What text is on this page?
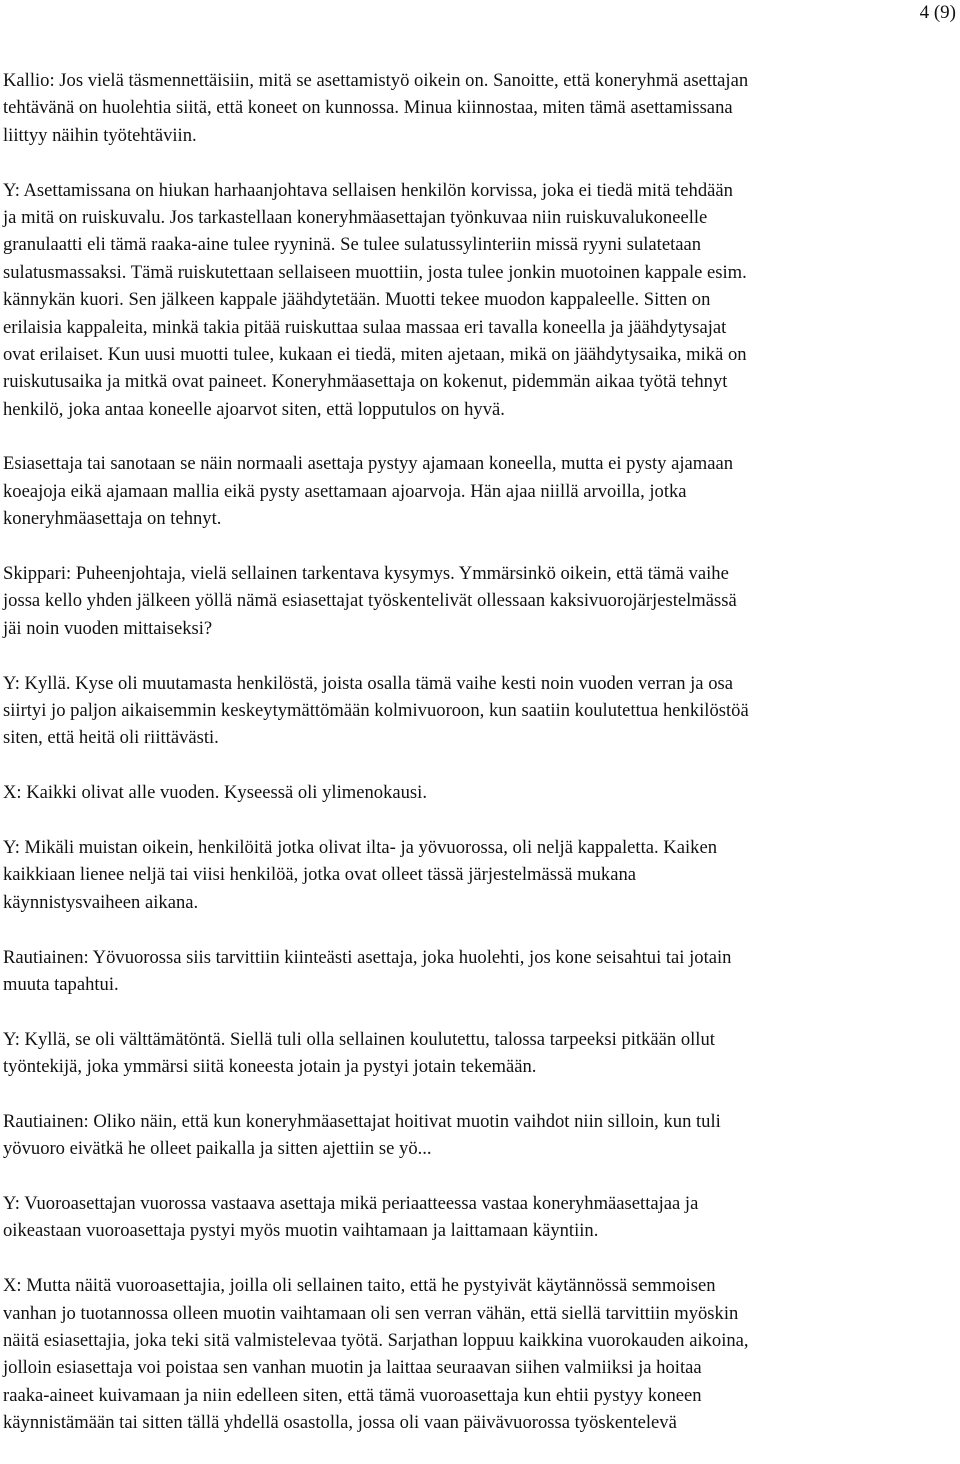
4 (9)
Kallio: Jos vielä täsmennettäisiin, mitä se asettamistyö oikein on. Sanoitte, että koneryhmä asettajan
tehtävänä on huolehtia siitä, että koneet on kunnossa. Minua kiinnostaa, miten tämä asettamissana
liittyy näihin työtehtäviin.
Y: Asettamissana on hiukan harhaanjohtava sellaisen henkilön korvissa, joka ei tiedä mitä tehdään
ja mitä on ruiskuvalu. Jos tarkastellaan koneryhmäasettajan työnkuvaa niin ruiskuvalukoneelle
granulaatti eli tämä raaka-aine tulee ryyninä. Se tulee sulatussylinteriin missä ryyni sulatetaan
sulatusmassaksi. Tämä ruiskutettaan sellaiseen muottiin, josta tulee jonkin muotoinen kappale esim.
kännykän kuori. Sen jälkeen kappale jäähdytetään. Muotti tekee muodon kappaleelle. Sitten on
erilaisia kappaleita, minkä takia pitää ruiskuttaa sulaa massaa eri tavalla koneella ja jäähdytysajat
ovat erilaiset. Kun uusi muotti tulee, kukaan ei tiedä, miten ajetaan, mikä on jäähdytysaika, mikä on
ruiskutusaika ja mitkä ovat paineet. Koneryhmäasettaja on kokenut, pidemmän aikaa työtä tehnyt
henkilö, joka antaa koneelle ajoarvot siten, että lopputulos on hyvä.
Esiasettaja tai sanotaan se näin normaali asettaja pystyy ajamaan koneella, mutta ei pysty ajamaan
koeajoja eikä ajamaan mallia eikä pysty asettamaan ajoarvoja. Hän ajaa niillä arvoilla, jotka
koneryhmäasettaja on tehnyt.
Skippari: Puheenjohtaja, vielä sellainen tarkentava kysymys. Ymmärsinkö oikein, että tämä vaihe
jossa kello yhden jälkeen yöllä nämä esiasettajat työskentelivät ollessaan kaksivuorojärjestelmässä
jäi noin vuoden mittaiseksi?
Y: Kyllä. Kyse oli muutamasta henkilöstä, joista osalla tämä vaihe kesti noin vuoden verran ja osa
siirtyi jo paljon aikaisemmin keskeytymättömään kolmivuoroon, kun saatiin koulutettua henkilöstöä
siten, että heitä oli riittävästi.
X: Kaikki olivat alle vuoden. Kyseessä oli ylimenokausi.
Y: Mikäli muistan oikein, henkilöitä jotka olivat ilta- ja yövuorossa, oli neljä kappaletta. Kaiken
kaikkiaan lienee neljä tai viisi henkilöä, jotka ovat olleet tässä järjestelmässä mukana
käynnistysvaiheen aikana.
Rautiainen: Yövuorossa siis tarvittiin kiinteästi asettaja, joka huolehti, jos kone seisahtui tai jotain
muuta tapahtui.
Y: Kyllä, se oli välttämätöntä. Siellä tuli olla sellainen koulutettu, talossa tarpeeksi pitkään ollut
työntekijä, joka ymmärsi siitä koneesta jotain ja pystyi jotain tekemään.
Rautiainen: Oliko näin, että kun koneryhmäasettajat hoitivat muotin vaihdot niin silloin, kun tuli
yövuoro eivätkä he olleet paikalla ja sitten ajettiin se yö...
Y: Vuoroasettajan vuorossa vastaava asettaja mikä periaatteessa vastaa koneryhmäasettajaa ja
oikeastaan vuoroasettaja pystyi myös muotin vaihtamaan ja laittamaan käyntiin.
X: Mutta näitä vuoroasettajia, joilla oli sellainen taito, että he pystyivät käytännössä semmoisen
vanhan jo tuotannossa olleen muotin vaihtamaan oli sen verran vähän, että siellä tarvittiin myöskin
näitä esiasettajia, joka teki sitä valmistelevaa työtä. Sarjathan loppuu kaikkina vuorokauden aikoina,
jolloin esiasettaja voi poistaa sen vanhan muotin ja laittaa seuraavan siihen valmiiksi ja hoitaa
raaka-aineet kuivamaan ja niin edelleen siten, että tämä vuoroasettaja kun ehtii pystyy koneen
käynnistämään tai sitten tällä yhdellä osastolla, jossa oli vaan päivävuorossa työskentelevä
